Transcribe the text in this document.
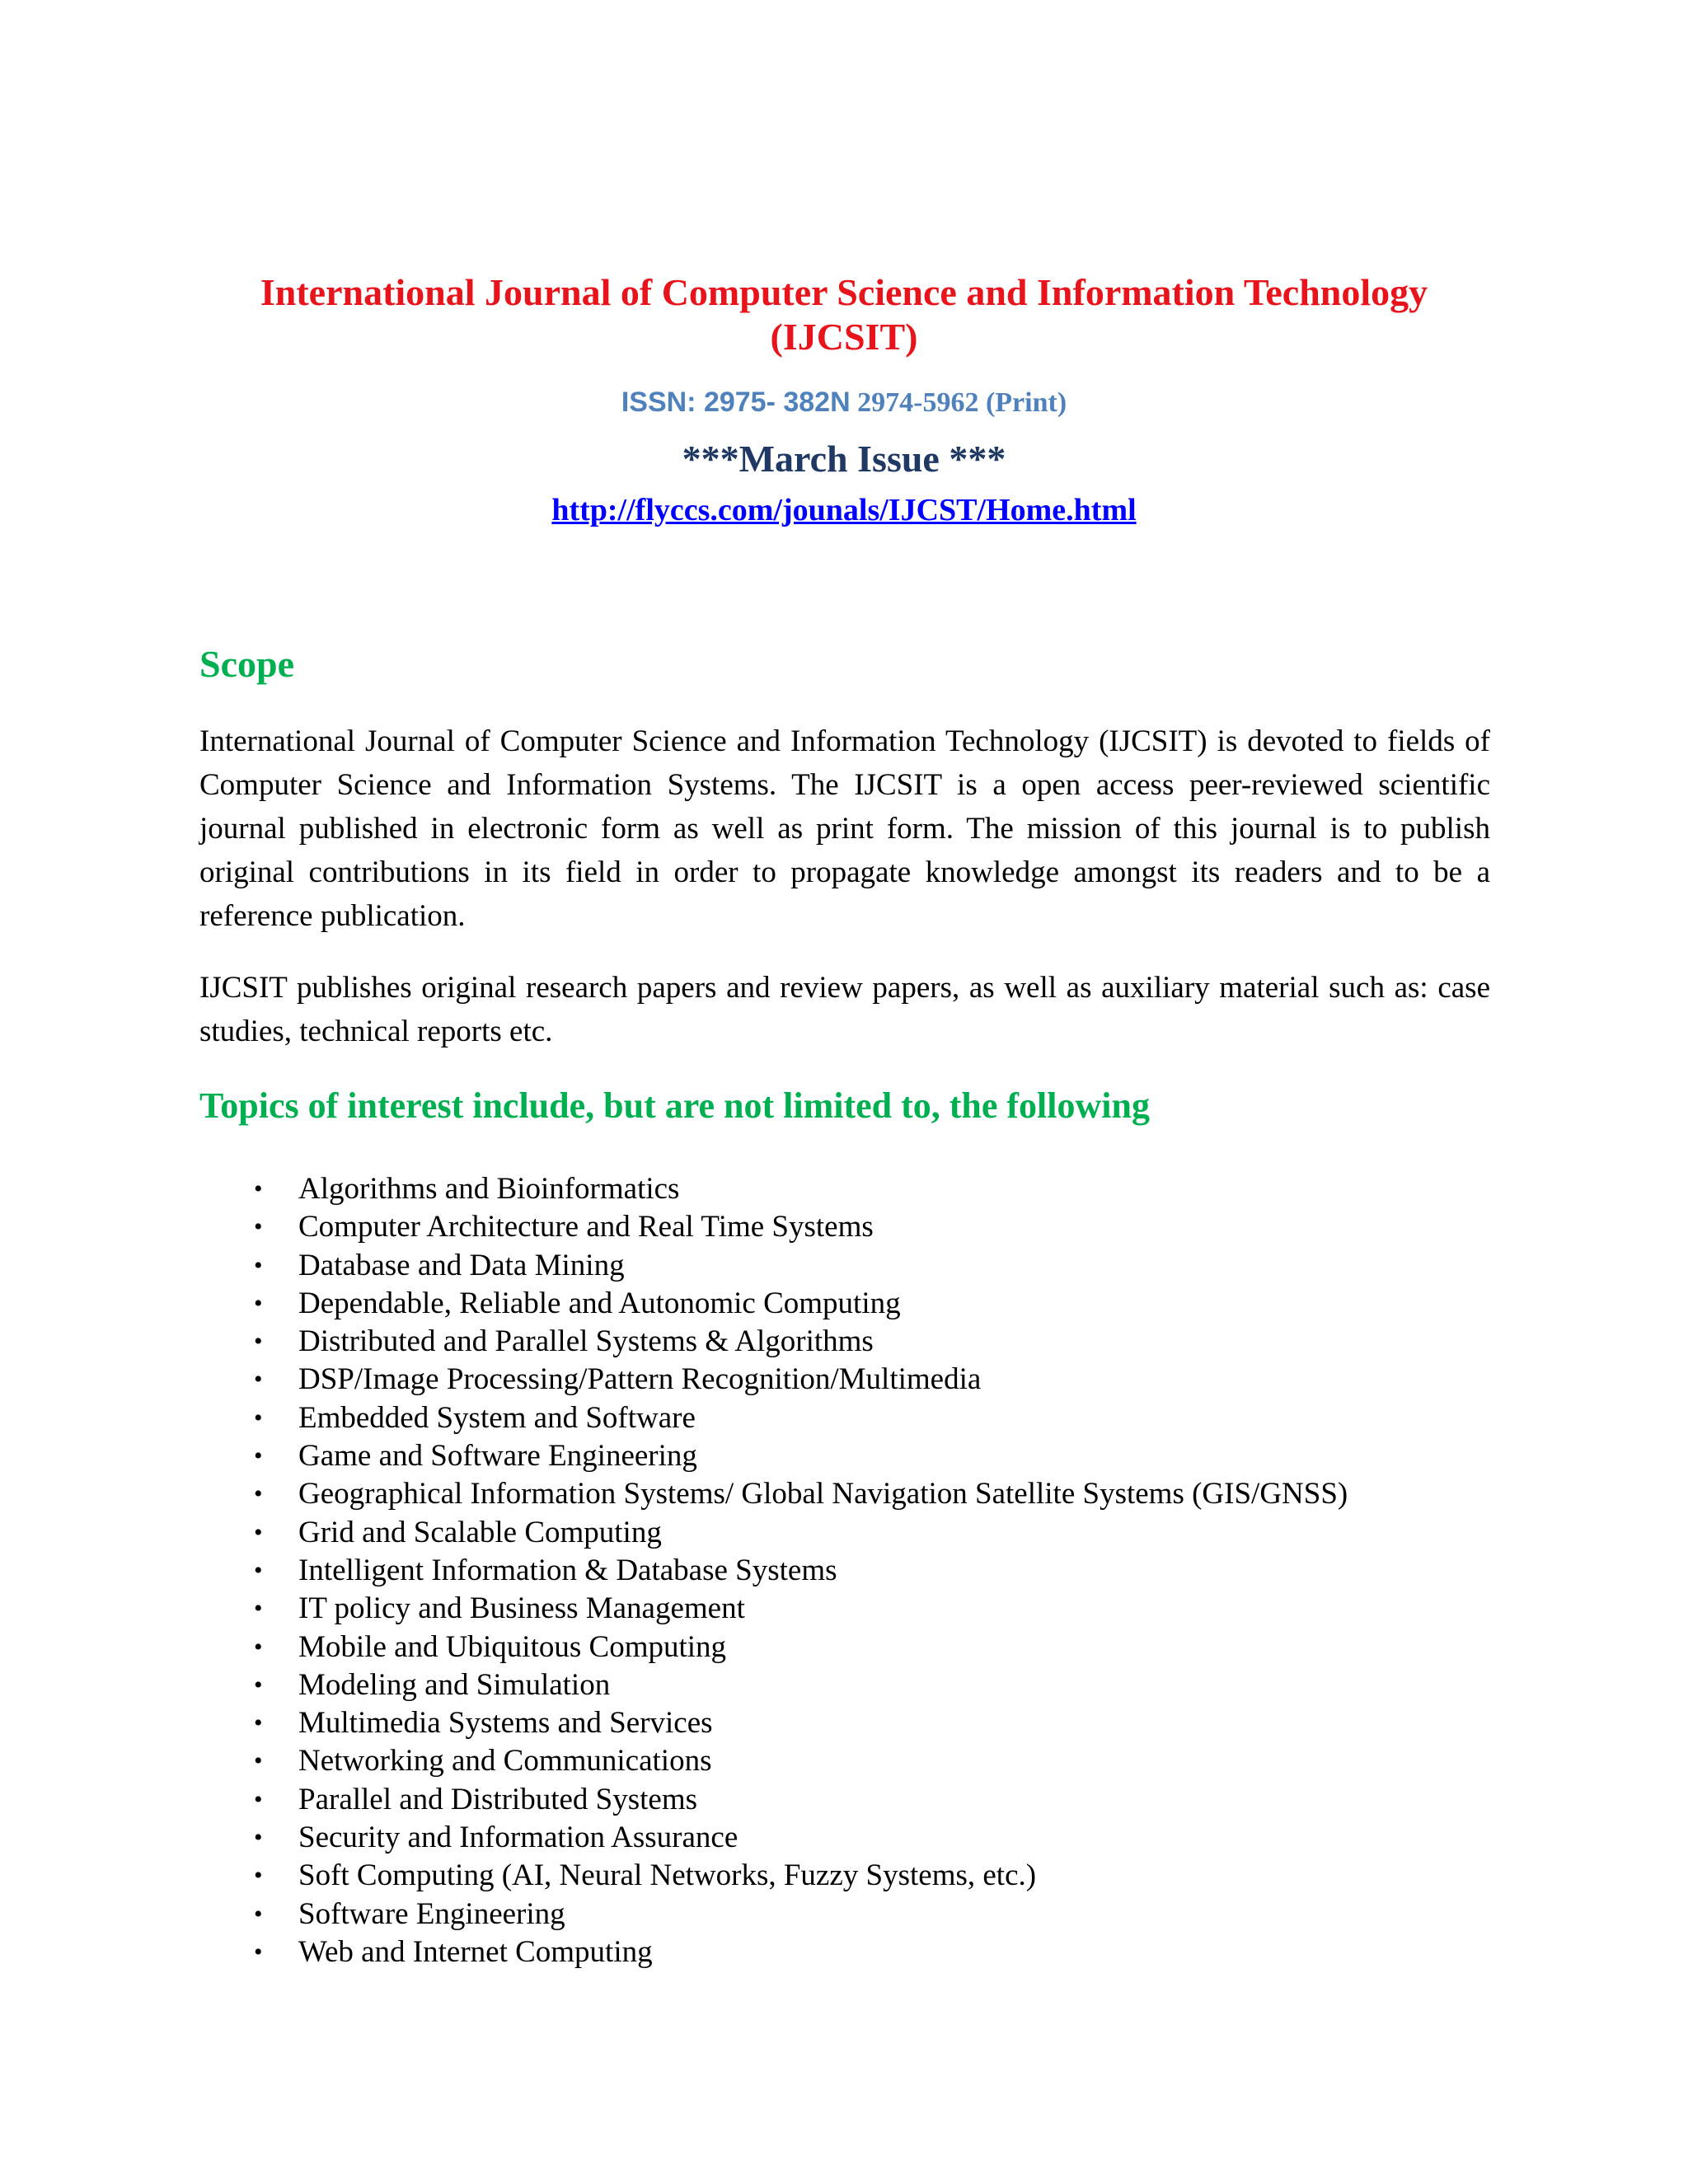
International Journal of Computer Science and Information Technology
(IJCSIT)
ISSN: 2975- 382N 2974-5962 (Print)
***March Issue ***
http://flyccs.com/jounals/IJCST/Home.html
Scope

International Journal of Computer Science and Information Technology (IJCSIT) is devoted to fields of Computer Science and Information Systems. The IJCSIT is a open access peer-reviewed scientific journal published in electronic form as well as print form. The mission of this journal is to publish original contributions in its field in order to propagate knowledge amongst its readers and to be a reference publication.

IJCSIT publishes original research papers and review papers, as well as auxiliary material such as: case studies, technical reports etc.

Topics of interest include, but are not limited to, the following
• Algorithms and Bioinformatics
• Computer Architecture and Real Time Systems
• Database and Data Mining
• Dependable, Reliable and Autonomic Computing
• Distributed and Parallel Systems & Algorithms
• DSP/Image Processing/Pattern Recognition/Multimedia
• Embedded System and Software
• Game and Software Engineering
• Geographical Information Systems/ Global Navigation Satellite Systems (GIS/GNSS)
• Grid and Scalable Computing
• Intelligent Information & Database Systems
• IT policy and Business Management
• Mobile and Ubiquitous Computing
• Modeling and Simulation
• Multimedia Systems and Services
• Networking and Communications
• Parallel and Distributed Systems
• Security and Information Assurance
• Soft Computing (AI, Neural Networks, Fuzzy Systems, etc.)
• Software Engineering
• Web and Internet Computing
